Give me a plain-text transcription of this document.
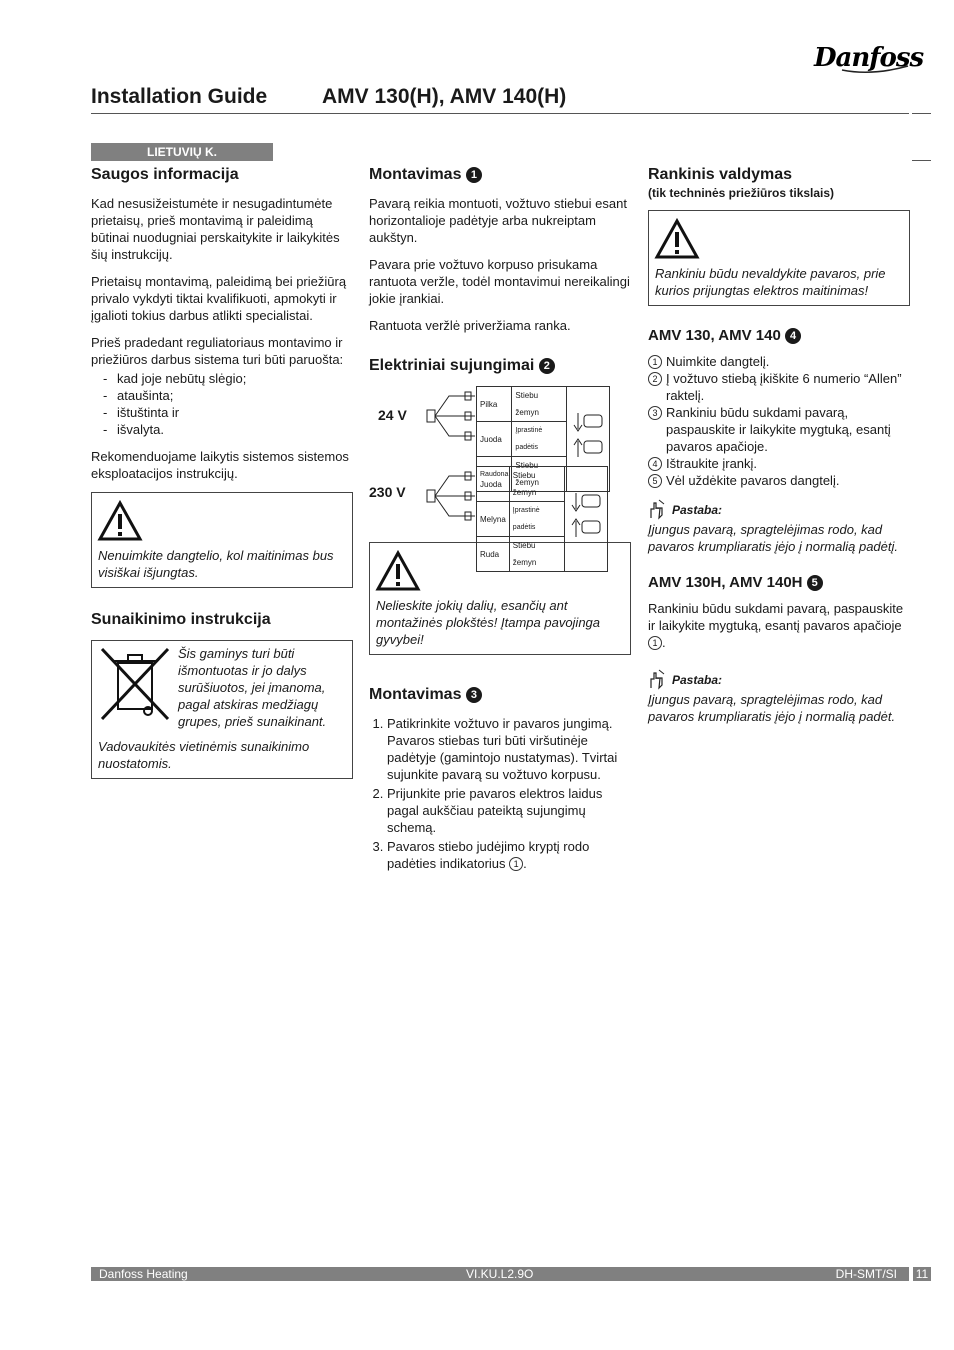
Danfoss
Installation Guide	AMV 130(H), AMV 140(H)
LIETUVIŲ K.
Saugos informacija

Kad nesusižeistumėte ir nesugadintumėte prietaisų, prieš montavimą ir paleidimą būtinai nuodugniai perskaitykite ir laikykitės šių instrukcijų.

Prietaisų montavimą, paleidimą bei priežiūrą privalo vykdyti tiktai kvalifikuoti, apmokyti ir įgalioti tokius darbus atlikti specialistai.

Prieš pradedant reguliatoriaus montavimo ir priežiūros darbus sistema turi būti paruošta:

- kad joje nebūtų slėgio;
- ataušinta;
- ištuštinta ir
- išvalyta.

Rekomenduojame laikytis sistemos sistemos eksploatacijos instrukcijų.

Nenuimkite dangtelio, kol maitinimas bus visiškai išjungtas.
Sunaikinimo instrukcija
Šis gaminys turi būti išmontuotas ir jo dalys surūšiuotos, jei įmanoma, pagal atskiras medžiagų grupes, prieš sunaikinant.
Vadovaukitės vietinėmis sunaikinimo nuostatomis.
Montavimas 1

Pavarą reikia montuoti, vožtuvo stiebui esant horizontalioje padėtyje arba nukreiptam aukštyn.

Pavara prie vožtuvo korpuso prisukama rantuota veržle, todėl montavimui nereikalingi jokie įrankiai.

Rantuota veržlė priveržiama ranka.

Elektriniai sujungimai 2
24 V
Pilka	Stiebu žemyn	
Juoda	Įprastinė padėtis	
Raudona	Stiebu žemyn	
230 V	Juoda	Stiebu žemyn	
Melyna	Įprastinė padėtis	
Ruda	Stiebu žemyn	
Nelieskite jokių dalių, esančių ant montažinės plokštės! Įtampa pavojinga gyvybei!
Montavimas 3
1. Patikrinkite vožtuvo ir pavaros jungimą. Pavaros stiebas turi būti viršutinėje padėtyje (gamintojo nustatymas). Tvirtai sujunkite pavarą su vožtuvo korpusu.
2. Prijunkite prie pavaros elektros laidus pagal aukščiau pateiktą sujungimų schemą.
3. Pavaros stiebo judėjimo kryptį rodo padėties indikatorius 1 .
Rankinis valdymas
(tik techninės priežiūros tikslais)
Rankiniu būdu nevaldykite pavaros, prie kurios prijungtas elektros maitinimas!
AMV 130, AMV 140 4
1 Nuimkite dangtelį.
2 Į vožtuvo stiebą įkiškite 6 numerio “Allen” raktelį.
3 Rankiniu būdu sukdami pavarą, paspauskite ir laikykite mygtuką, esantį pavaros apačioje.
4 Ištraukite įrankį.
5 Vėl uždėkite pavaros dangtelį.
Pastaba:

Įjungus pavarą, spragtelėjimas rodo, kad pavaros krumpliaratis įėjo į normalią padėtį.

AMV 130H, AMV 140H 5

Rankiniu būdu sukdami pavarą, paspauskite ir laikykite mygtuką, esantį pavaros apačioje 1 .

Pastaba:

Įjungus pavarą, spragtelėjimas rodo, kad pavaros krumpliaratis įėjo į normalią padėt.

Danfoss Heating	VI.KU.L2.9O	DH-SMT/SI 11
